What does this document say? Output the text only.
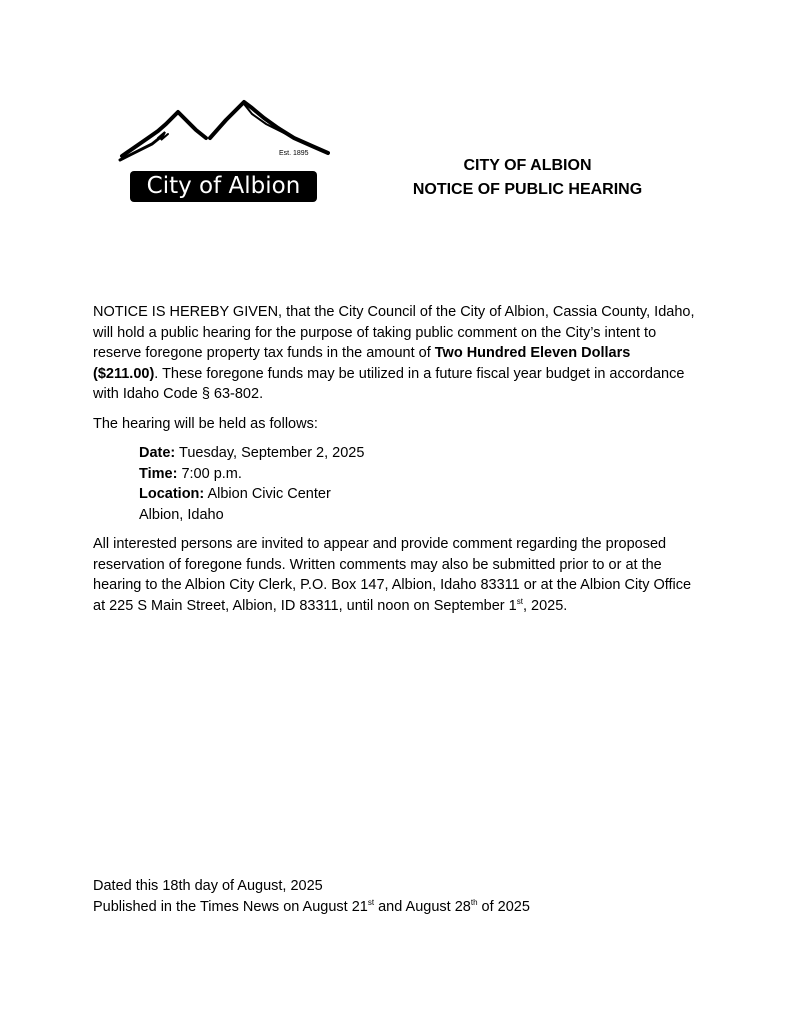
Est. 1895
City of Albion
CITY OF ALBION
NOTICE OF PUBLIC HEARING

NOTICE IS HEREBY GIVEN, that the City Council of the City of Albion, Cassia County, Idaho, will hold a public hearing for the purpose of taking public comment on the City’s intent to reserve foregone property tax funds in the amount of Two Hundred Eleven Dollars ($211.00). These foregone funds may be utilized in a future fiscal year budget in accordance with Idaho Code § 63-802.

The hearing will be held as follows:

Date: Tuesday, September 2, 2025
Time: 7:00 p.m.
Location: Albion Civic Center
Albion, Idaho

All interested persons are invited to appear and provide comment regarding the proposed reservation of foregone funds. Written comments may also be submitted prior to or at the hearing to the Albion City Clerk, P.O. Box 147, Albion, Idaho 83311 or at the Albion City Office at 225 S Main Street, Albion, ID 83311, until noon on September 1st, 2025.

Dated this 18th day of August, 2025
Published in the Times News on August 21st and August 28th of 2025
